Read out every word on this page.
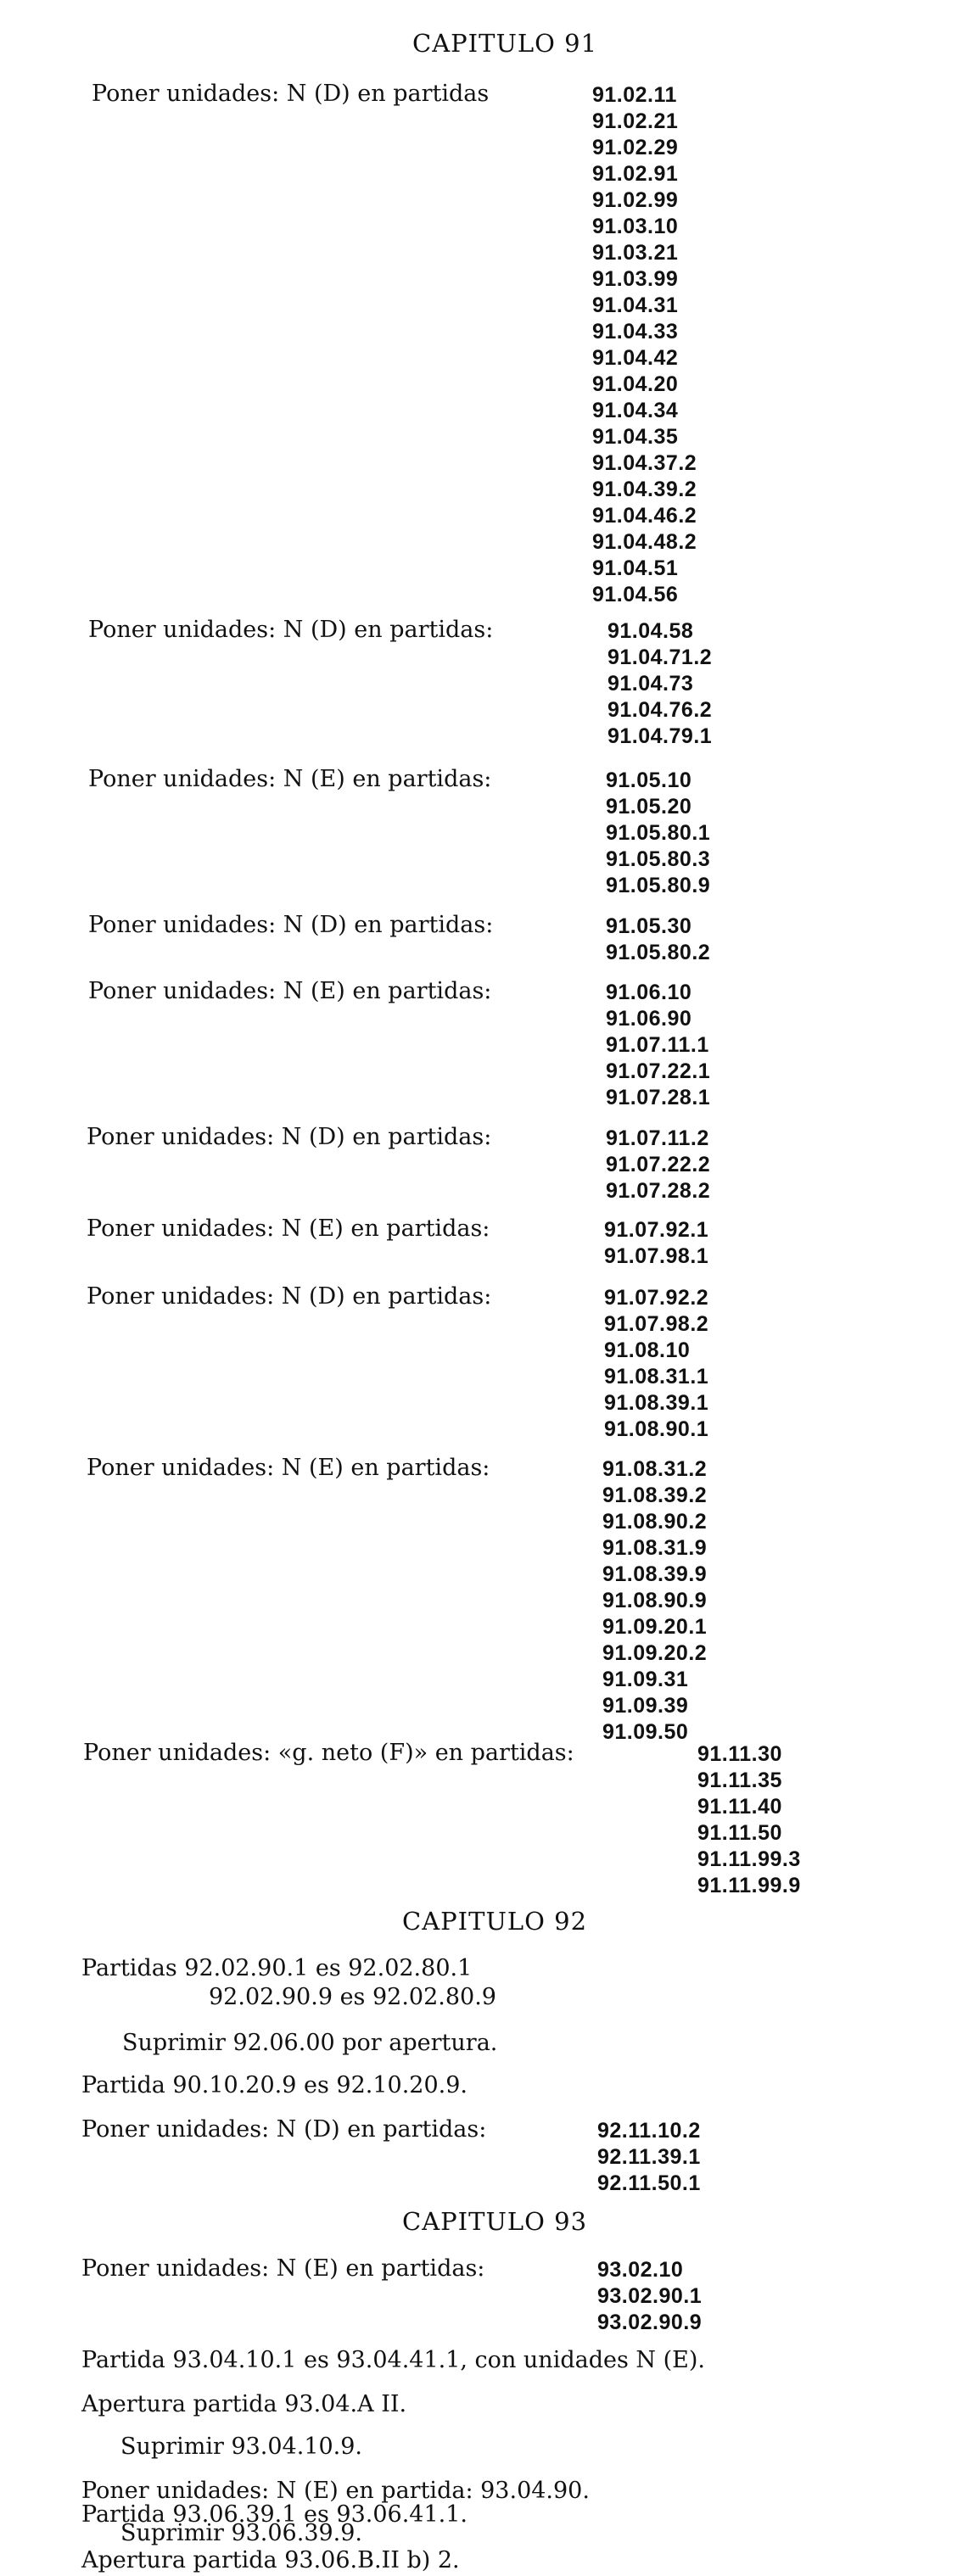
CAPITULO 91
Poner unidades: N (D) en partidas	91.02.11
91.02.21
91.02.29
91.02.91
91.02.99
91.03.10
91.03.21
91.03.99
91.04.31
91.04.33
91.04.42
91.04.20
91.04.34
91.04.35
91.04.37.2
91.04.39.2
91.04.46.2
91.04.48.2
91.04.51
91.04.56
Poner unidades: N (D) en partidas:	91.04.58
91.04.71.2
91.04.73
91.04.76.2
91.04.79.1
Poner unidades: N (E) en partidas:	91.05.10
91.05.20
91.05.80.1
91.05.80.3
91.05.80.9
Poner unidades: N (D) en partidas:	91.05.30
91.05.80.2
Poner unidades: N (E) en partidas:	91.06.10
91.06.90
91.07.11.1
91.07.22.1
91.07.28.1
Poner unidades: N (D) en partidas:	91.07.11.2
91.07.22.2
91.07.28.2
Poner unidades: N (E) en partidas:	91.07.92.1
91.07.98.1
Poner unidades: N (D) en partidas:	91.07.92.2
91.07.98.2
91.08.10
91.08.31.1
91.08.39.1
91.08.90.1
Poner unidades: N (E) en partidas:	91.08.31.2
91.08.39.2
91.08.90.2
91.08.31.9
91.08.39.9
91.08.90.9
91.09.20.1
91.09.20.2
91.09.31
91.09.39
91.09.50
Poner unidades: «g. neto (F)» en partidas:	91.11.30
91.11.35
91.11.40
91.11.50
91.11.99.3
91.11.99.9
CAPITULO 92
Partidas 92.02.90.1 es 92.02.80.1
92.02.90.9 es 92.02.80.9
Suprimir 92.06.00 por apertura.
Partida 90.10.20.9 es 92.10.20.9.
Poner unidades: N (D) en partidas:	92.11.10.2
92.11.39.1
92.11.50.1
CAPITULO 93
Poner unidades: N (E) en partidas:	93.02.10
93.02.90.1
93.02.90.9
Partida 93.04.10.1 es 93.04.41.1, con unidades N (E).
Apertura partida 93.04.A II.
Suprimir 93.04.10.9.
Poner unidades: N (E) en partida: 93.04.90.
Partida 93.06.39.1 es 93.06.41.1.
Suprimir 93.06.39.9.
Apertura partida 93.06.B.II b) 2.
